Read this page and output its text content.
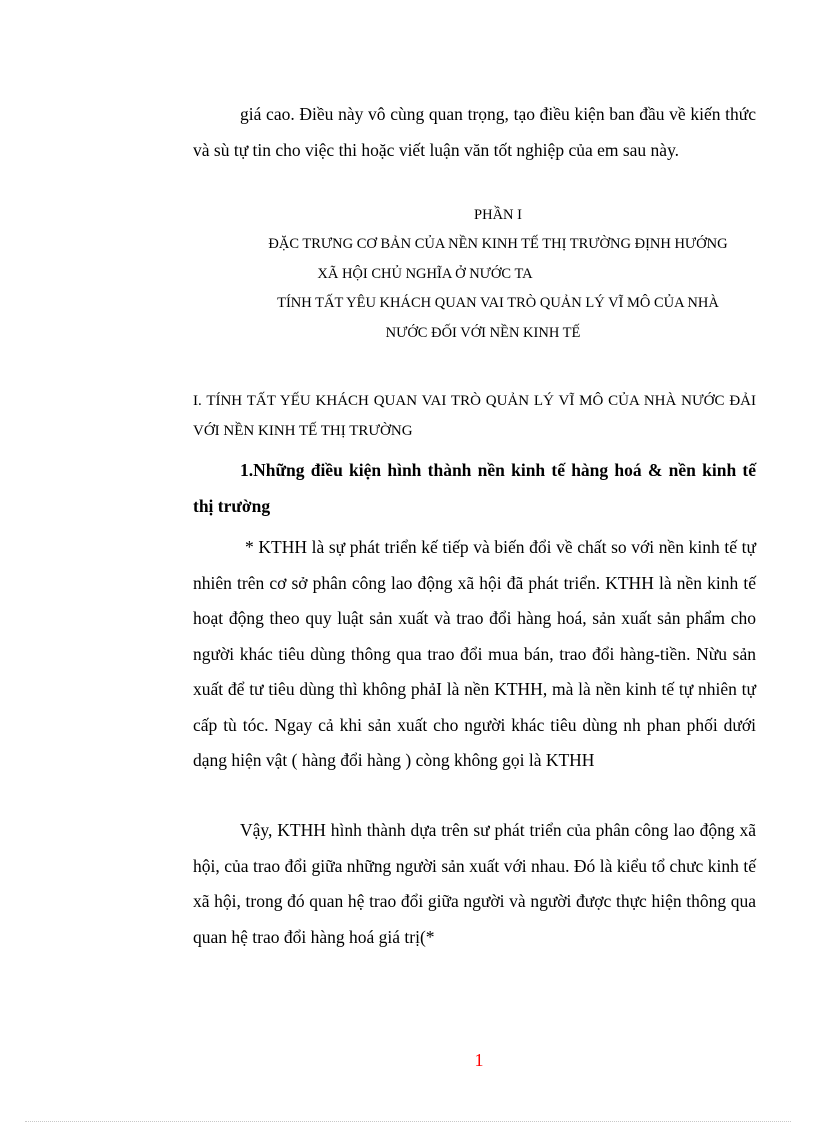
giá cao. Điều này vô cùng quan trọng, tạo điều kiện ban đầu về kiến thức và sù tự tin cho việc thi hoặc viết luận văn tốt nghiệp của em sau này.

PHẦN I
ĐẶC TRƯNG CƠ BẢN CỦA NỀN KINH TẾ THỊ TRƯỜNG ĐỊNH HƯỚNG
XÃ HỘI CHỦ NGHĨA Ở NƯỚC TA
TÍNH TẤT YÊU KHÁCH QUAN VAI TRÒ QUẢN LÝ VĨ MÔ CỦA NHÀ
NƯỚC ĐỐI VỚI NỀN KINH TẾ

I. TÍNH TẤT YẾU KHÁCH QUAN VAI TRÒ QUẢN LÝ VĨ MÔ CỦA NHÀ NƯỚC ĐẢI VỚI NỀN KINH TẾ THỊ TRƯỜNG

1.Những điều kiện hình thành nền kinh tế hàng hoá & nền kinh tế thị trường

* KTHH là sự phát triển kế tiếp và biến đổi về chất so với nền kinh tế tự nhiên trên cơ sở phân công lao động xã hội đã phát triển. KTHH là nền kinh tế hoạt động theo quy luật sản xuất và trao đổi hàng hoá, sản xuất sản phẩm cho người khác tiêu dùng thông qua trao đổi mua bán, trao đổi hàng-tiền. Nừu sản xuất để tư tiêu dùng thì không phảI là nền KTHH, mà là nền kinh tế tự nhiên tự cấp tù tóc. Ngay cả khi sản xuất cho người khác tiêu dùng nh phan phối dưới dạng hiện vật ( hàng đổi hàng ) còng không gọi là KTHH

Vậy, KTHH hình thành dựa trên sư phát triển của phân công lao động xã hội, của trao đổi giữa những người sản xuất với nhau. Đó là kiểu tổ chưc kinh tế xã hội, trong đó quan hệ trao đổi giữa người và người được thực hiện thông qua quan hệ trao đổi hàng hoá giá trị(*

1
